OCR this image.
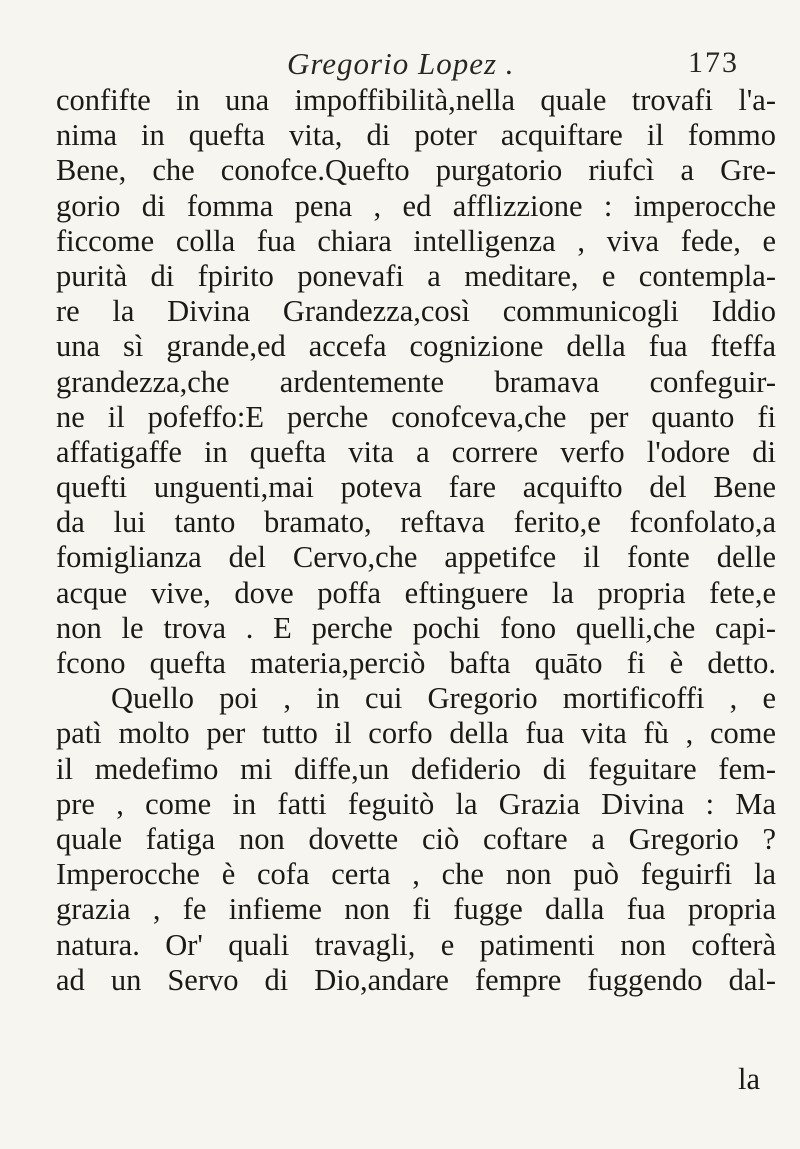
Gregorio Lopez .	173
confifte in una impoffibilità,nella quale trovafi l'a-
nima in quefta vita, di poter acquiftare il fommo
Bene, che conofce.Quefto purgatorio riufcì a Gre-
gorio di fomma pena , ed afflizzione : imperocche
ficcome colla fua chiara intelligenza , viva fede, e
purità di fpirito ponevafi a meditare, e contempla-
re la Divina Grandezza,così communicogli Iddio
una sì grande,ed accefa cognizione della fua fteffa
grandezza,che ardentemente bramava confeguir-
ne il pofeffo:E perche conofceva,che per quanto fi
affatigaffe in quefta vita a correre verfo l'odore di
quefti unguenti,mai poteva fare acquifto del Bene
da lui tanto bramato, reftava ferito,e fconfolato,a
fomiglianza del Cervo,che appetifce il fonte delle
acque vive, dove poffa eftinguere la propria fete,e
non le trova . E perche pochi fono quelli,che capi-
fcono quefta materia,perciò bafta quāto fi è detto.
Quello poi , in cui Gregorio mortificoffi , e
patì molto per tutto il corfo della fua vita fù , come
il medefimo mi diffe,un defiderio di feguitare fem-
pre , come in fatti feguitò la Grazia Divina : Ma
quale fatiga non dovette ciò coftare a Gregorio ?
Imperocche è cofa certa , che non può feguirfi la
grazia , fe infieme non fi fugge dalla fua propria
natura. Or' quali travagli, e patimenti non cofterà
ad un Servo di Dio,andare fempre fuggendo dal-
la
